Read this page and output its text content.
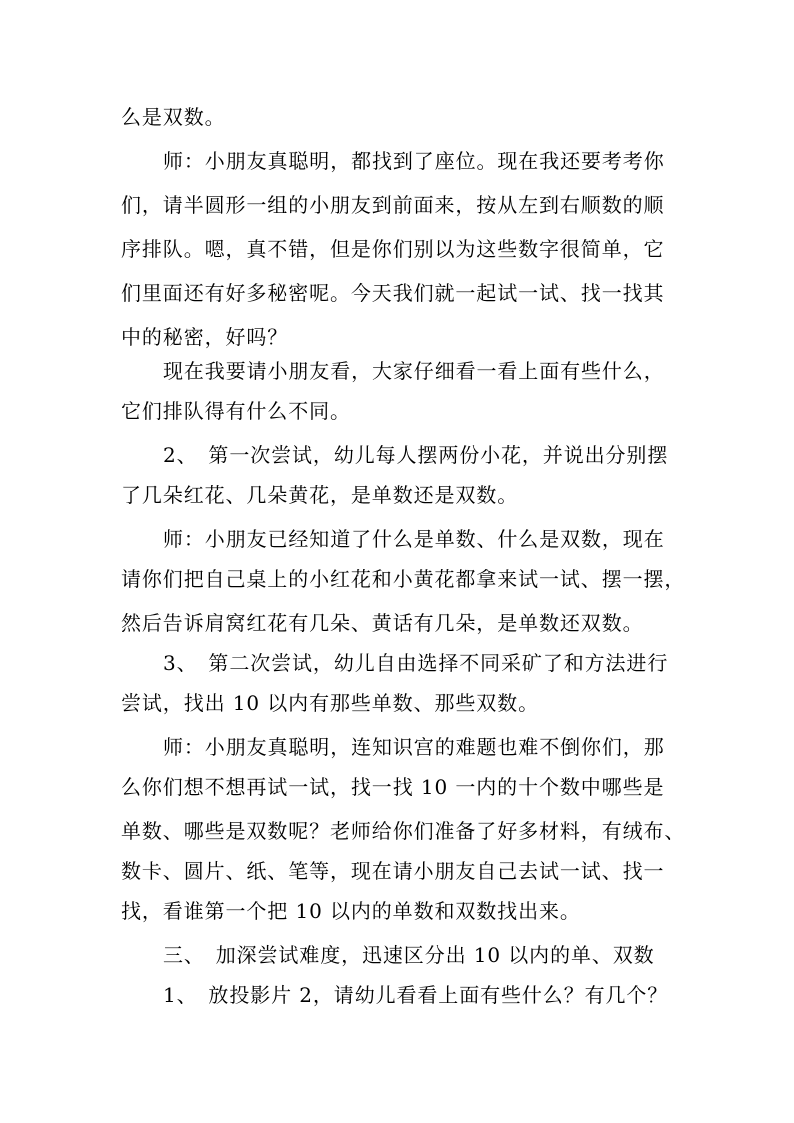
么是双数。
师：小朋友真聪明，都找到了座位。现在我还要考考你
们，请半圆形一组的小朋友到前面来，按从左到右顺数的顺
序排队。嗯，真不错，但是你们别以为这些数字很简单，它
们里面还有好多秘密呢。今天我们就一起试一试、找一找其
中的秘密，好吗？
现在我要请小朋友看，大家仔细看一看上面有些什么，
它们排队得有什么不同。
2、　第一次尝试，幼儿每人摆两份小花，并说出分别摆
了几朵红花、几朵黄花，是单数还是双数。
师：小朋友已经知道了什么是单数、什么是双数，现在
请你们把自己桌上的小红花和小黄花都拿来试一试、摆一摆，
然后告诉肩窝红花有几朵、黄话有几朵，是单数还双数。
3、　第二次尝试，幼儿自由选择不同采矿了和方法进行
尝试，找出 10 以内有那些单数、那些双数。
师：小朋友真聪明，连知识宫的难题也难不倒你们，那
么你们想不想再试一试，找一找 10 一内的十个数中哪些是
单数、哪些是双数呢？老师给你们准备了好多材料，有绒布、
数卡、圆片、纸、笔等，现在请小朋友自己去试一试、找一
找，看谁第一个把 10 以内的单数和双数找出来。
三、　加深尝试难度，迅速区分出 10 以内的单、双数
1、　放投影片 2，请幼儿看看上面有些什么？有几个？
